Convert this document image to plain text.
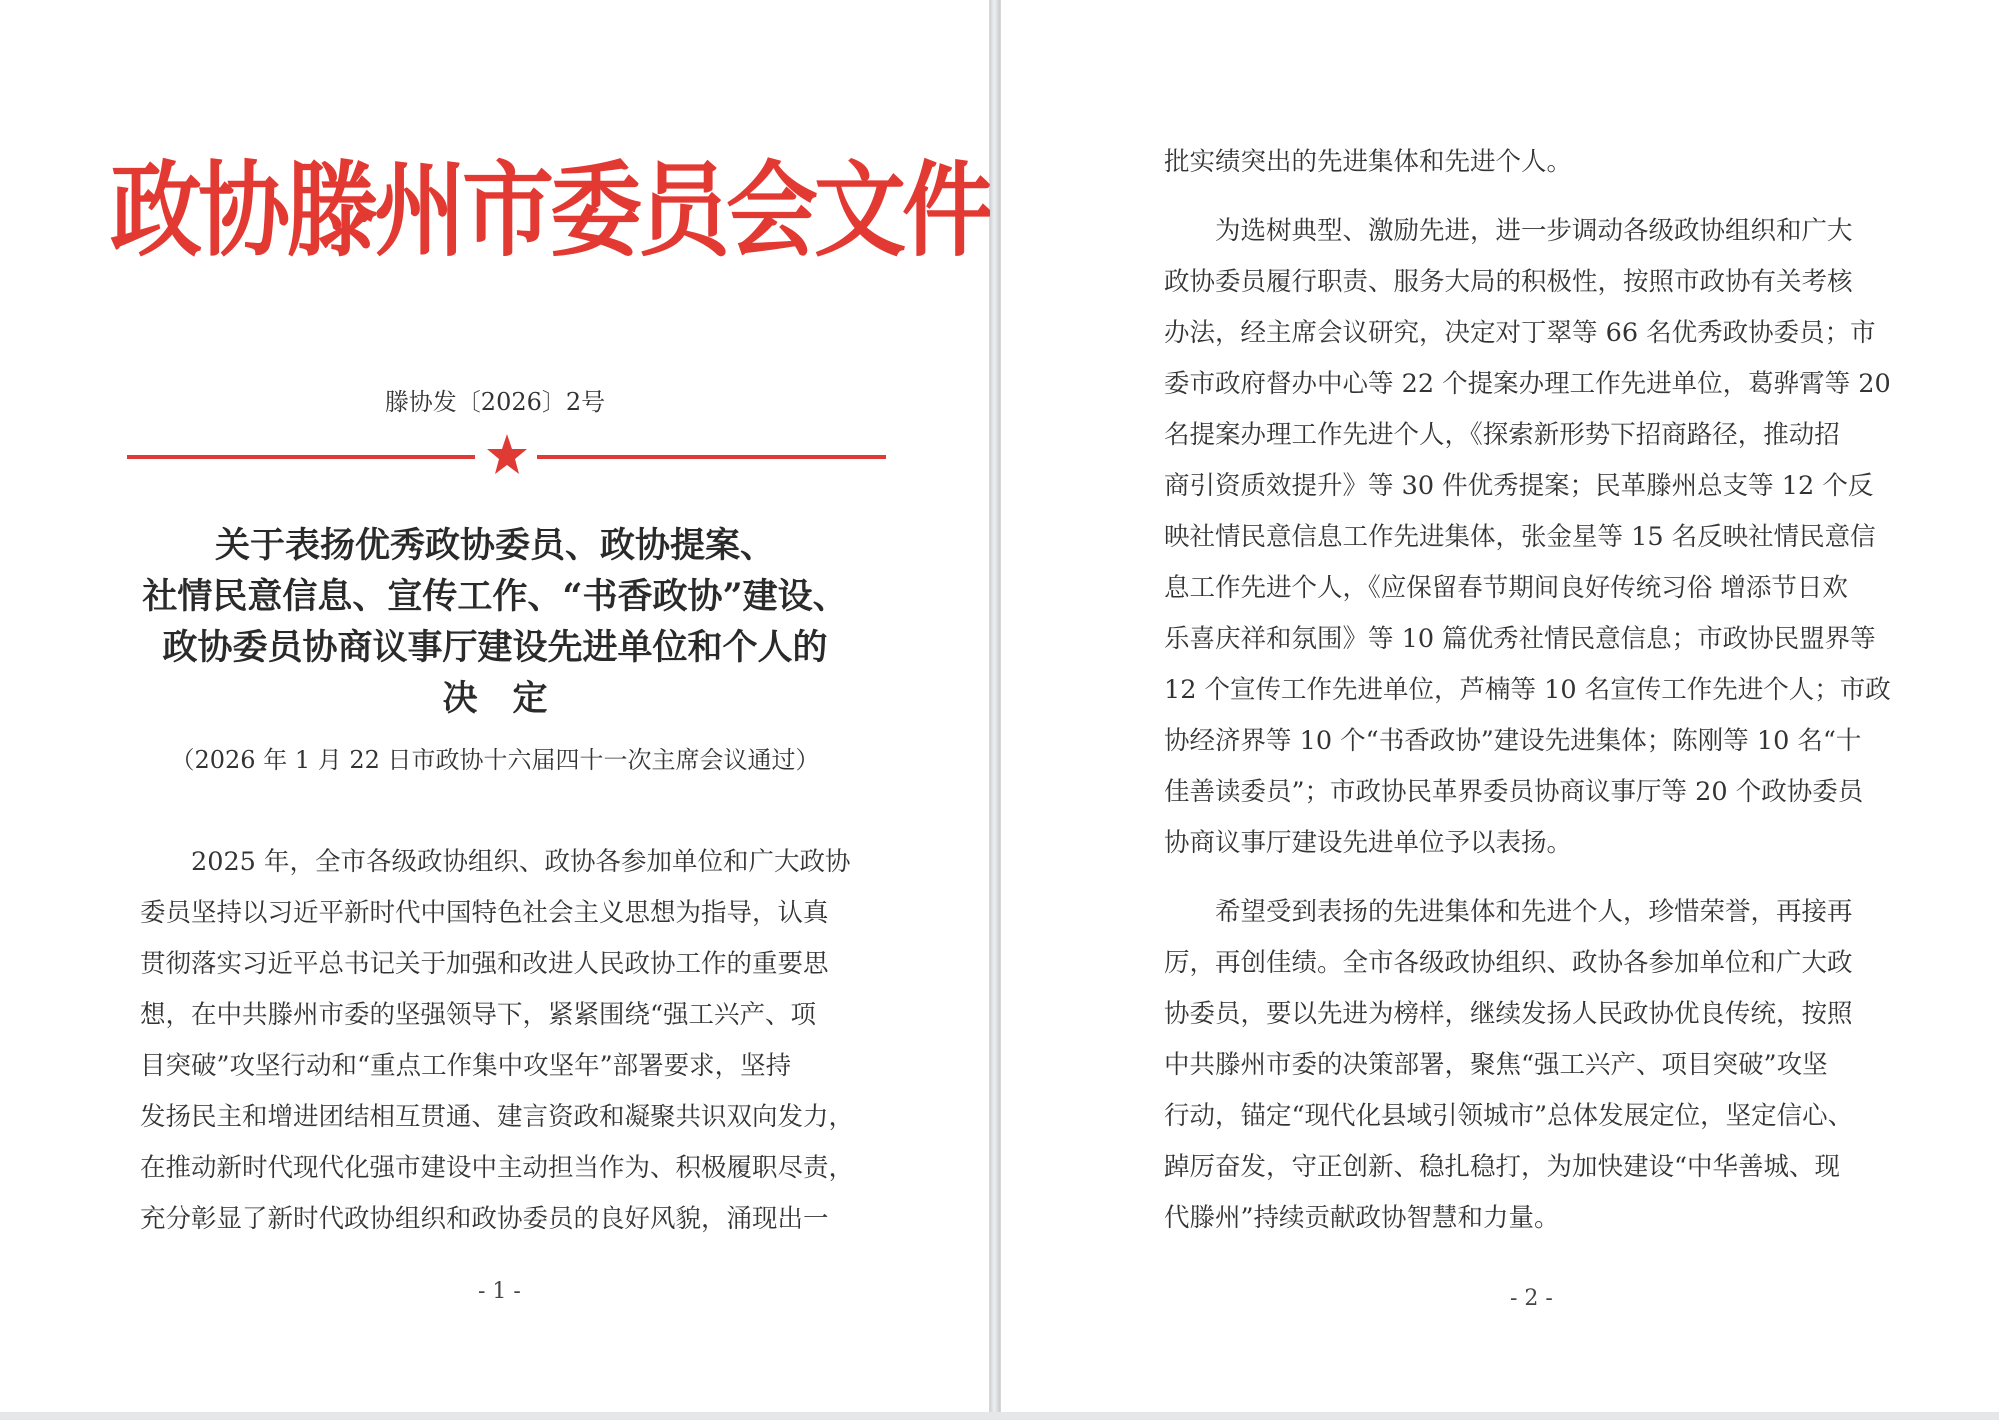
政协滕州市委员会文件
滕协发〔2026〕2号
关于表扬优秀政协委员、政协提案、
社情民意信息、宣传工作、“书香政协”建设、
政协委员协商议事厅建设先进单位和个人的
决　定
（2026 年 1 月 22 日市政协十六届四十一次主席会议通过）
　　2025 年，全市各级政协组织、政协各参加单位和广大政协
委员坚持以习近平新时代中国特色社会主义思想为指导，认真
贯彻落实习近平总书记关于加强和改进人民政协工作的重要思
想，在中共滕州市委的坚强领导下，紧紧围绕“强工兴产、项
目突破”攻坚行动和“重点工作集中攻坚年”部署要求，坚持
发扬民主和增进团结相互贯通、建言资政和凝聚共识双向发力，
在推动新时代现代化强市建设中主动担当作为、积极履职尽责，
充分彰显了新时代政协组织和政协委员的良好风貌，涌现出一
- 1 -
批实绩突出的先进集体和先进个人。
　　为选树典型、激励先进，进一步调动各级政协组织和广大
政协委员履行职责、服务大局的积极性，按照市政协有关考核
办法，经主席会议研究，决定对丁翠等 66 名优秀政协委员；市
委市政府督办中心等 22 个提案办理工作先进单位，葛骅霄等 20
名提案办理工作先进个人，《探索新形势下招商路径，推动招
商引资质效提升》等 30 件优秀提案；民革滕州总支等 12 个反
映社情民意信息工作先进集体，张金星等 15 名反映社情民意信
息工作先进个人，《应保留春节期间良好传统习俗 增添节日欢
乐喜庆祥和氛围》等 10 篇优秀社情民意信息；市政协民盟界等
12 个宣传工作先进单位，芦楠等 10 名宣传工作先进个人；市政
协经济界等 10 个“书香政协”建设先进集体；陈刚等 10 名“十
佳善读委员”；市政协民革界委员协商议事厅等 20 个政协委员
协商议事厅建设先进单位予以表扬。
　　希望受到表扬的先进集体和先进个人，珍惜荣誉，再接再
厉，再创佳绩。全市各级政协组织、政协各参加单位和广大政
协委员，要以先进为榜样，继续发扬人民政协优良传统，按照
中共滕州市委的决策部署，聚焦“强工兴产、项目突破”攻坚
行动，锚定“现代化县域引领城市”总体发展定位，坚定信心、
踔厉奋发，守正创新、稳扎稳打，为加快建设“中华善城、现
代滕州”持续贡献政协智慧和力量。
- 2 -
